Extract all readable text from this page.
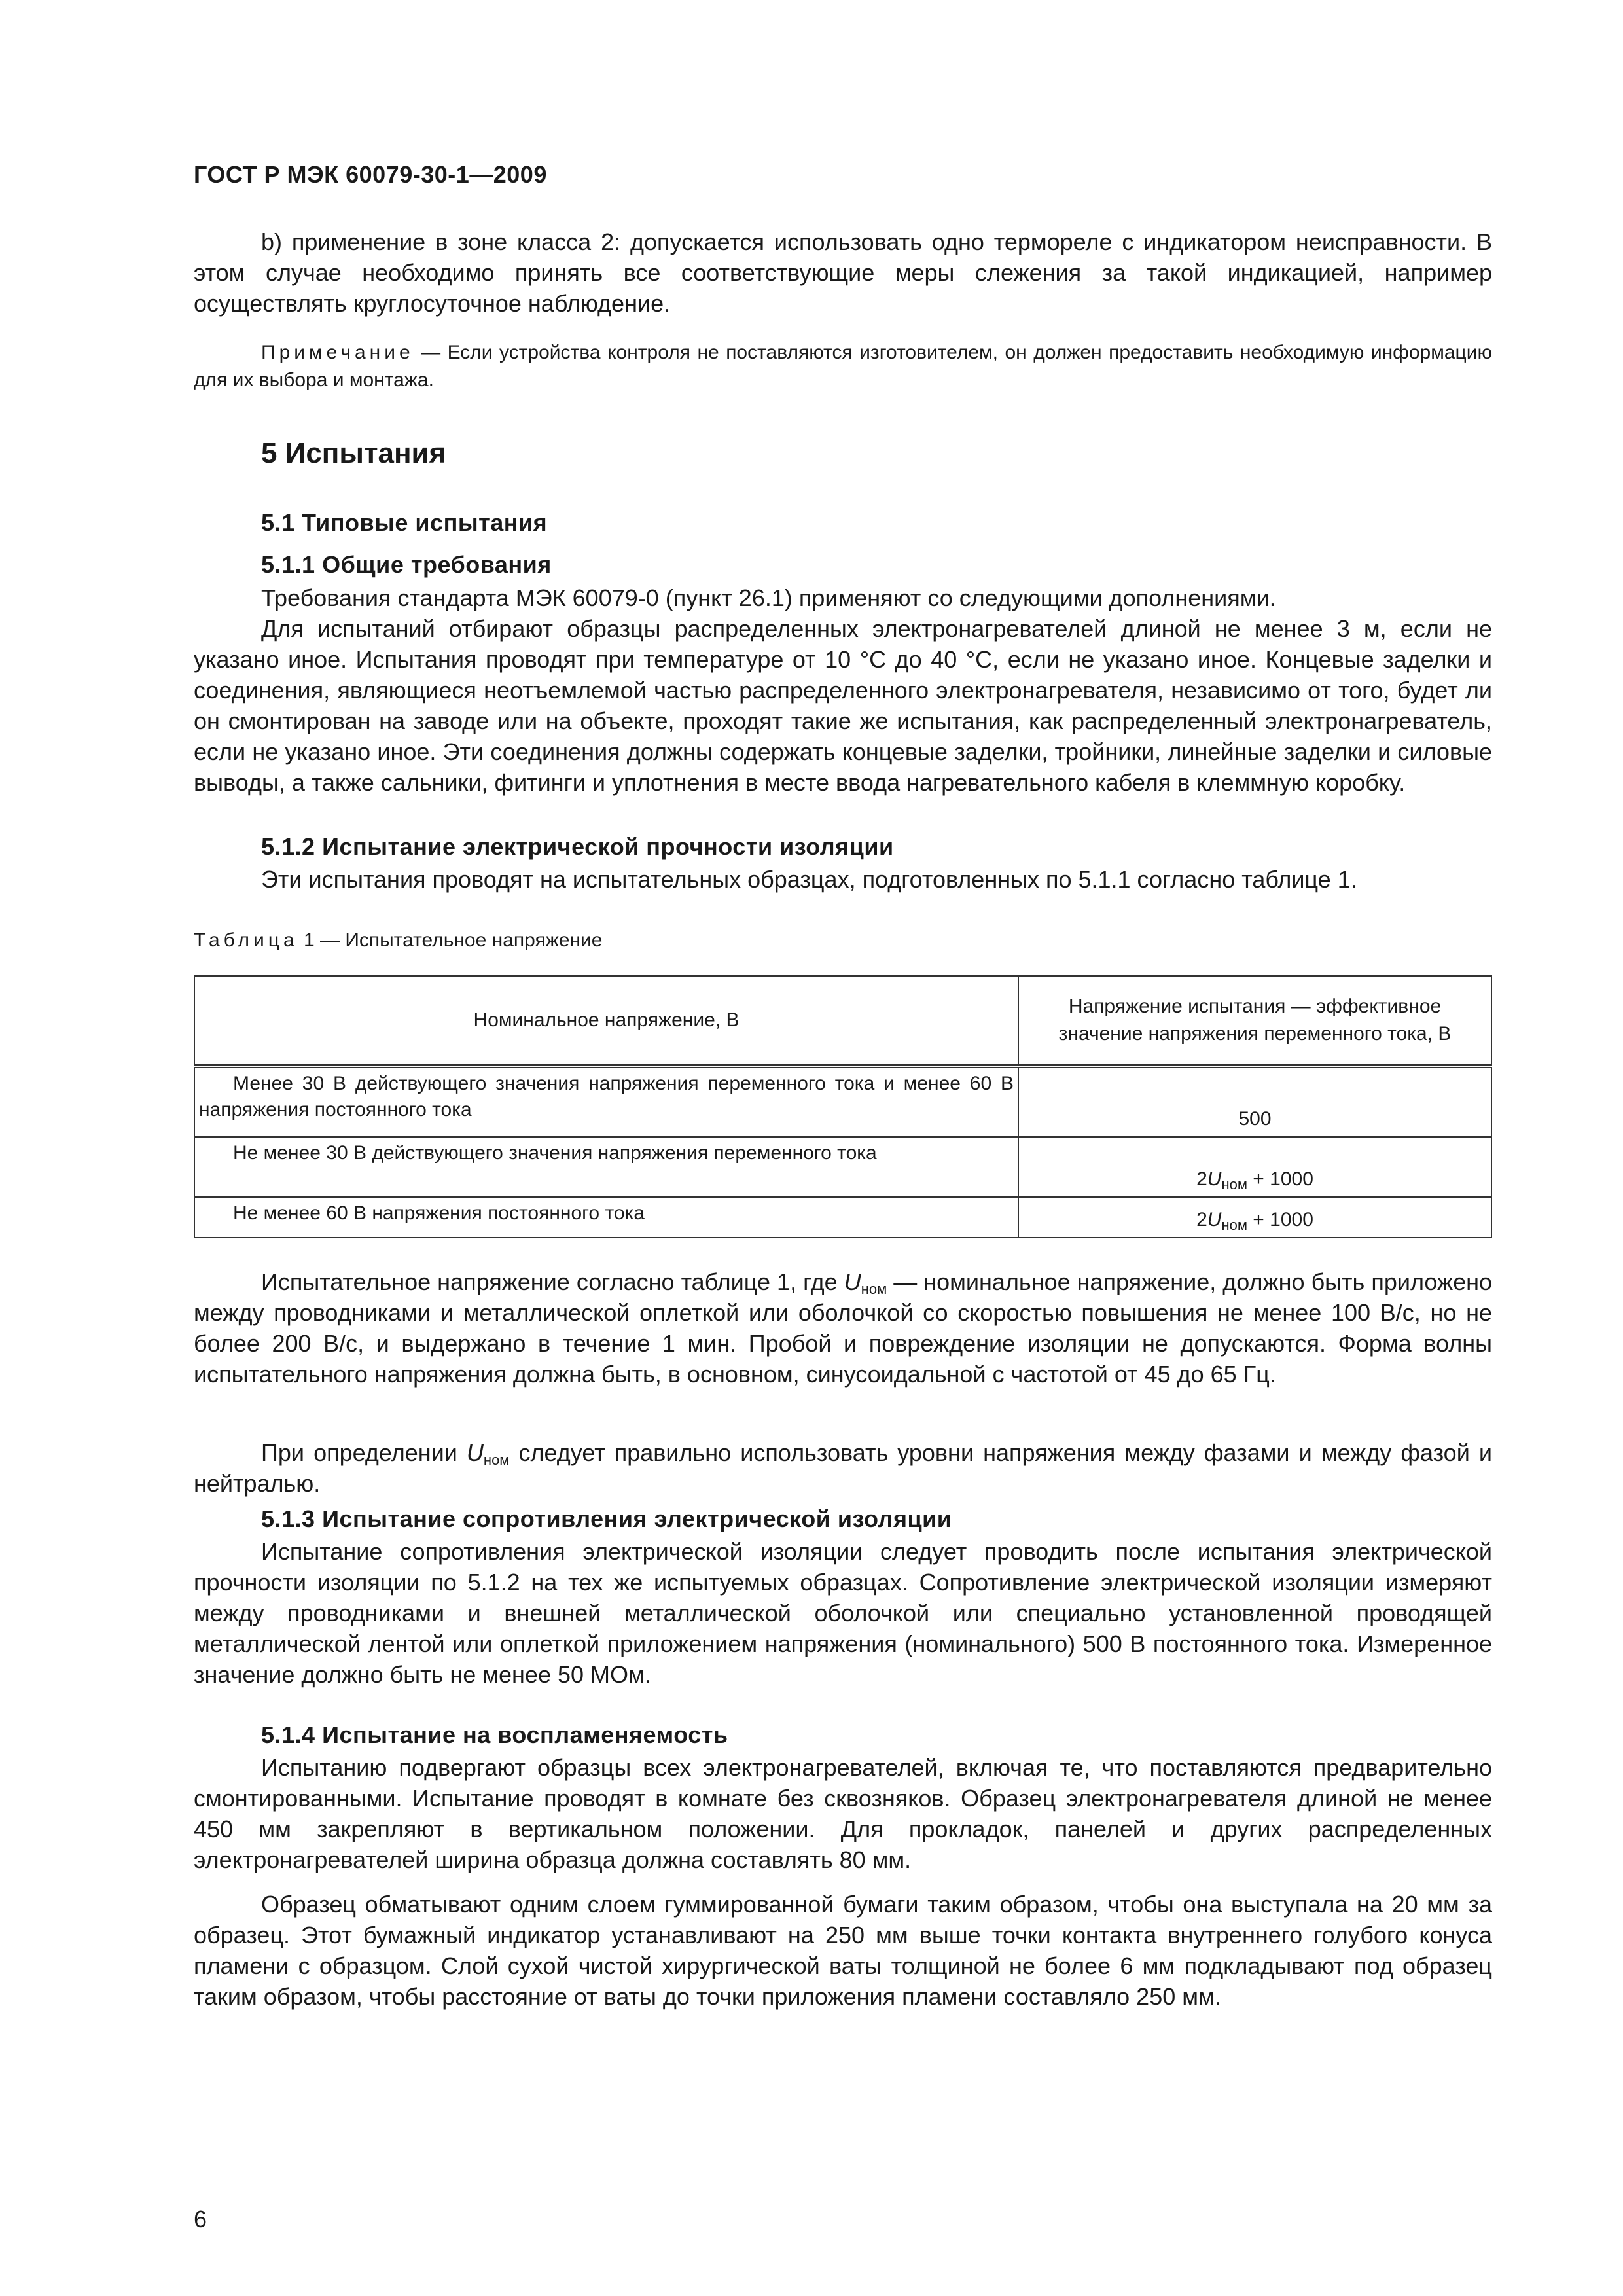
ГОСТ Р МЭК 60079-30-1—2009
b) применение в зоне класса 2: допускается использовать одно термореле с индикатором неисправности. В этом случае необходимо принять все соответствующие меры слежения за такой индикацией, например осуществлять круглосуточное наблюдение.
Примечание — Если устройства контроля не поставляются изготовителем, он должен предоставить необходимую информацию для их выбора и монтажа.
5 Испытания
5.1 Типовые испытания
5.1.1 Общие требования
Требования стандарта МЭК 60079-0 (пункт 26.1) применяют со следующими дополнениями.
Для испытаний отбирают образцы распределенных электронагревателей длиной не менее 3 м, если не указано иное. Испытания проводят при температуре от 10 °С до 40 °С, если не указано иное. Концевые заделки и соединения, являющиеся неотъемлемой частью распределенного электронагревателя, независимо от того, будет ли он смонтирован на заводе или на объекте, проходят такие же испытания, как распределенный электронагреватель, если не указано иное. Эти соединения должны содержать концевые заделки, тройники, линейные заделки и силовые выводы, а также сальники, фитинги и уплотнения в месте ввода нагревательного кабеля в клеммную коробку.
5.1.2 Испытание электрической прочности изоляции
Эти испытания проводят на испытательных образцах, подготовленных по 5.1.1 согласно таблице 1.
Таблица 1 — Испытательное напряжение
Номинальное напряжение, В	Напряжение испытания — эффективное
значение напряжения переменного тока, В

Менее 30 В действующего значения напряжения переменного тока и менее 60 В напряжения постоянного тока	500
Не менее 30 В действующего значения напряжения переменного тока	$2U_{ном} + 1000$
Не менее 60 В напряжения постоянного тока	$2U_{ном} + 1000$
Испытательное напряжение согласно таблице 1, где $U_{ном}$ — номинальное напряжение, должно быть приложено между проводниками и металлической оплеткой или оболочкой со скоростью повышения не менее 100 В/с, но не более 200 В/с, и выдержано в течение 1 мин. Пробой и повреждение изоляции не допускаются. Форма волны испытательного напряжения должна быть, в основном, синусоидальной с частотой от 45 до 65 Гц.
При определении $U_{ном}$ следует правильно использовать уровни напряжения между фазами и между фазой и нейтралью.
5.1.3 Испытание сопротивления электрической изоляции
Испытание сопротивления электрической изоляции следует проводить после испытания электрической прочности изоляции по 5.1.2 на тех же испытуемых образцах. Сопротивление электрической изоляции измеряют между проводниками и внешней металлической оболочкой или специально установленной проводящей металлической лентой или оплеткой приложением напряжения (номинального) 500 В постоянного тока. Измеренное значение должно быть не менее 50 МОм.
5.1.4 Испытание на воспламеняемость
Испытанию подвергают образцы всех электронагревателей, включая те, что поставляются предварительно смонтированными. Испытание проводят в комнате без сквозняков. Образец электронагревателя длиной не менее 450 мм закрепляют в вертикальном положении. Для прокладок, панелей и других распределенных электронагревателей ширина образца должна составлять 80 мм.
Образец обматывают одним слоем гуммированной бумаги таким образом, чтобы она выступала на 20 мм за образец. Этот бумажный индикатор устанавливают на 250 мм выше точки контакта внутреннего голубого конуса пламени с образцом. Слой сухой чистой хирургической ваты толщиной не более 6 мм подкладывают под образец таким образом, чтобы расстояние от ваты до точки приложения пламени составляло 250 мм.
6
